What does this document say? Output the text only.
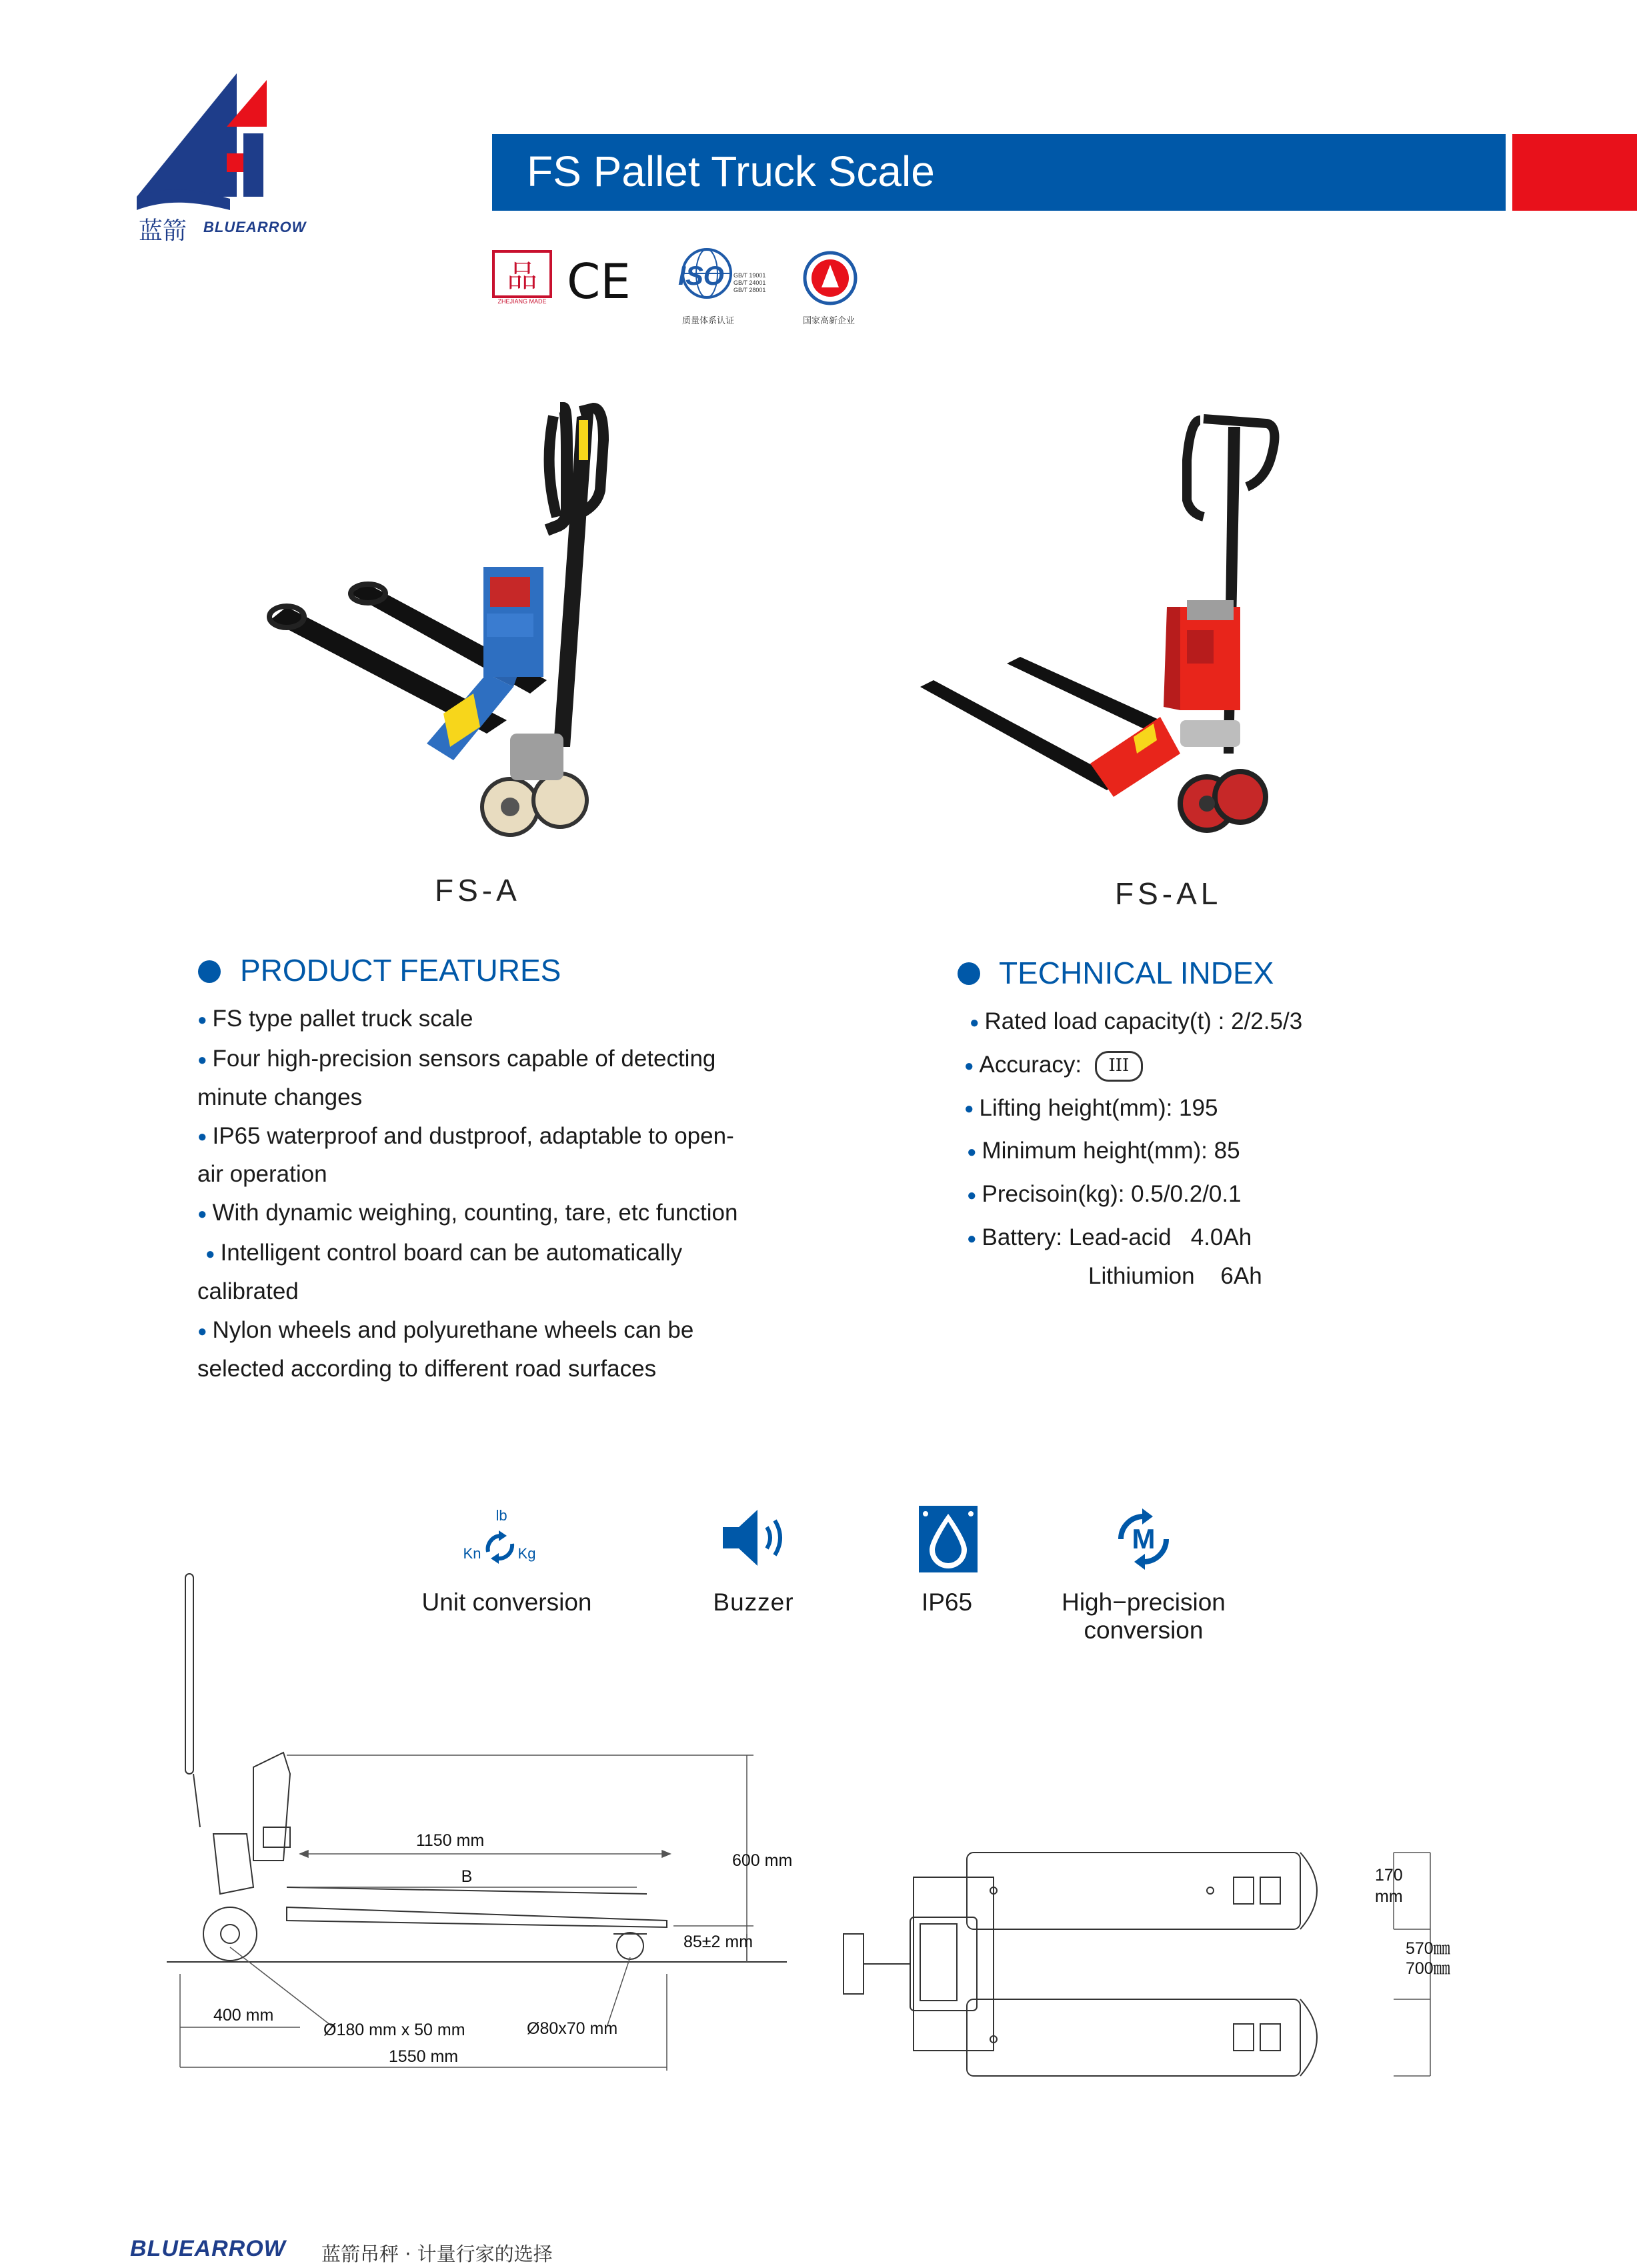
蓝箭 BLUEARROW
FS Pallet Truck Scale
品
ZHEJIANG MADE CE ISO GB/T 19001
GB/T 24001
GB/T 28001
质量体系认证	国家高新企业
FS-A	FS-AL
PRODUCT FEATURES
● FS type pallet truck scale
● Four high-precision sensors capable of detecting
minute changes
● IP65 waterproof and dustproof, adaptable to open-
air operation
● With dynamic weighing, counting, tare, etc function
● Intelligent control board can be automatically
calibrated
● Nylon wheels and polyurethane wheels can be
selected according to different road surfaces
TECHNICAL INDEX
● Rated load capacity(t) : 2/2.5/3
● Accuracy: III
● Lifting height(mm): 195
● Minimum height(mm): 85
● Precisoin(kg): 0.5/0.2/0.1
● Battery: Lead-acid   4.0Ah
Lithiumion    6Ah
lb
Kn	Kg
Unit conversion	Buzzer	IP65
M
High−precision
conversion
1150 mm
B
600 mm
85±2 mm
400 mm
Ø180 mm x 50 mm	Ø80x70 mm
1550 mm
170
mm
570㎜
700㎜
BLUEARROW 蓝箭吊秤 · 计量行家的选择
